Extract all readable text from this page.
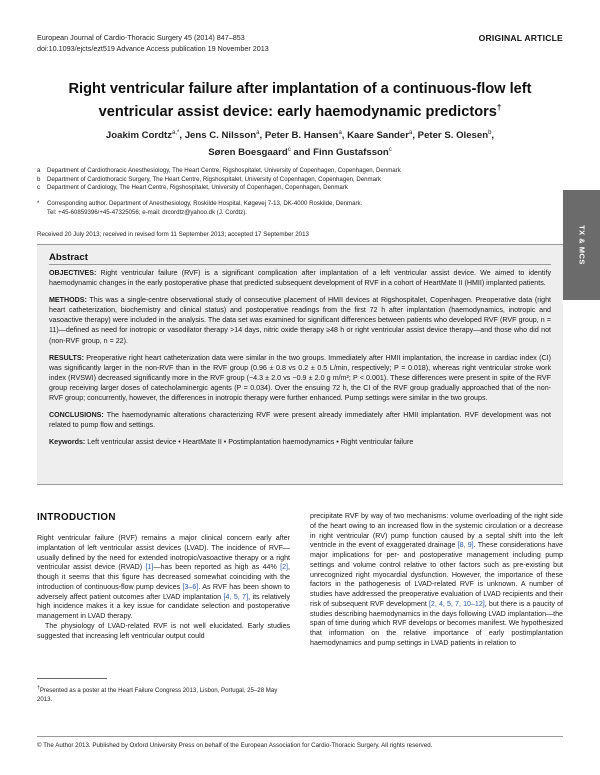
European Journal of Cardio-Thoracic Surgery 45 (2014) 847–853
doi:10.1093/ejcts/ezt519 Advance Access publication 19 November 2013
ORIGINAL ARTICLE
Right ventricular failure after implantation of a continuous-flow left
ventricular assist device: early haemodynamic predictors†
Joakim Cordtz$^{a,*}$, Jens C. Nilsson$^a$, Peter B. Hansen$^a$, Kaare Sander$^a$, Peter S. Olesen$^b$,
Søren Boesgaard$^c$ and Finn Gustafsson$^c$
a	Department of Cardiothoracic Anesthesiology, The Heart Centre, Rigshospitalet, University of Copenhagen, Copenhagen, Denmark
b	Department of Cardiothoracic Surgery, The Heart Centre, Rigshospitalet, University of Copenhagen, Copenhagen, Denmark
c	Department of Cardiology, The Heart Centre, Rigshospitalet, University of Copenhagen, Copenhagen, Denmark
*	Corresponding author. Department of Anesthesiology, Roskilde Hospital, Køgevej 7-13, DK-4000 Roskilde, Denmark.
Tel: +45-60859396/+45-47325056; e-mail: drcordtz@yahoo.dk (J. Cordtz).
Received 20 July 2013; received in revised form 11 September 2013; accepted 17 September 2013
Abstract

OBJECTIVES: Right ventricular failure (RVF) is a significant complication after implantation of a left ventricular assist device. We aimed to identify haemodynamic changes in the early postoperative phase that predicted subsequent development of RVF in a cohort of HeartMate II (HMII) implanted patients.

METHODS: This was a single-centre observational study of consecutive placement of HMII devices at Rigshospitalet, Copenhagen. Preoperative data (right heart catheterization, biochemistry and clinical status) and postoperative readings from the first 72 h after implantation (haemodynamics, inotropic and vasoactive therapy) were included in the analysis. The data set was examined for significant differences between patients who developed RVF (RVF group, n = 11)—defined as need for inotropic or vasodilator therapy >14 days, nitric oxide therapy ≥48 h or right ventricular assist device therapy—and those who did not (non-RVF group, n = 22).

RESULTS: Preoperative right heart catheterization data were similar in the two groups. Immediately after HMII implantation, the increase in cardiac index (CI) was significantly larger in the non-RVF than in the RVF group (0.96 ± 0.8 vs 0.2 ± 0.5 L/min, respectively; P = 0.018), whereas right ventricular stroke work index (RVSWI) decreased significantly more in the RVF group (−4.3 ± 2.0 vs −0.9 ± 2.0 g m/m²; P < 0.001). These differences were present in spite of the RVF group receiving larger doses of catecholaminergic agents (P = 0.034). Over the ensuing 72 h, the CI of the RVF group gradually approached that of the non-RVF group; concurrently, however, the differences in inotropic therapy were further enhanced. Pump settings were similar in the two groups.

CONCLUSIONS: The haemodynamic alterations characterizing RVF were present already immediately after HMII implantation. RVF development was not related to pump flow and settings.

Keywords: Left ventricular assist device • HeartMate II • Postimplantation haemodynamics • Right ventricular failure

TX & MCS
INTRODUCTION

Right ventricular failure (RVF) remains a major clinical concern early after implantation of left ventricular assist devices (LVAD). The incidence of RVF—usually defined by the need for extended inotropic/vasoactive therapy or a right ventricular assist device (RVAD) [1]—has been reported as high as 44% [2], though it seems that this figure has decreased somewhat coinciding with the introduction of continuous-flow pump devices [3–6]. As RVF has been shown to adversely affect patient outcomes after LVAD implantation [4, 5, 7], its relatively high incidence makes it a key issue for candidate selection and postoperative management in LVAD therapy.

The physiology of LVAD-related RVF is not well elucidated. Early studies suggested that increasing left ventricular output could

precipitate RVF by way of two mechanisms: volume overloading of the right side of the heart owing to an increased flow in the systemic circulation or a decrease in right ventricular (RV) pump function caused by a septal shift into the left ventricle in the event of exaggerated drainage [8, 9]. These considerations have major implications for per- and postoperative management including pump settings and volume control relative to other factors such as pre-existing but unrecognized right myocardial dysfunction. However, the importance of these factors in the pathogenesis of LVAD-related RVF is unknown. A number of studies have addressed the preoperative evaluation of LVAD recipients and their risk of subsequent RVF development [2, 4, 5, 7, 10–12], but there is a paucity of studies describing haemodynamics in the days following LVAD implantation—the span of time during which RVF develops or becomes manifest. We hypothesized that information on the relative importance of early postimplantation haemodynamics and pump settings in LVAD patients in relation to

†Presented as a poster at the Heart Failure Congress 2013, Lisbon, Portugal, 25–28 May 2013.
© The Author 2013. Published by Oxford University Press on behalf of the European Association for Cardio-Thoracic Surgery. All rights reserved.
